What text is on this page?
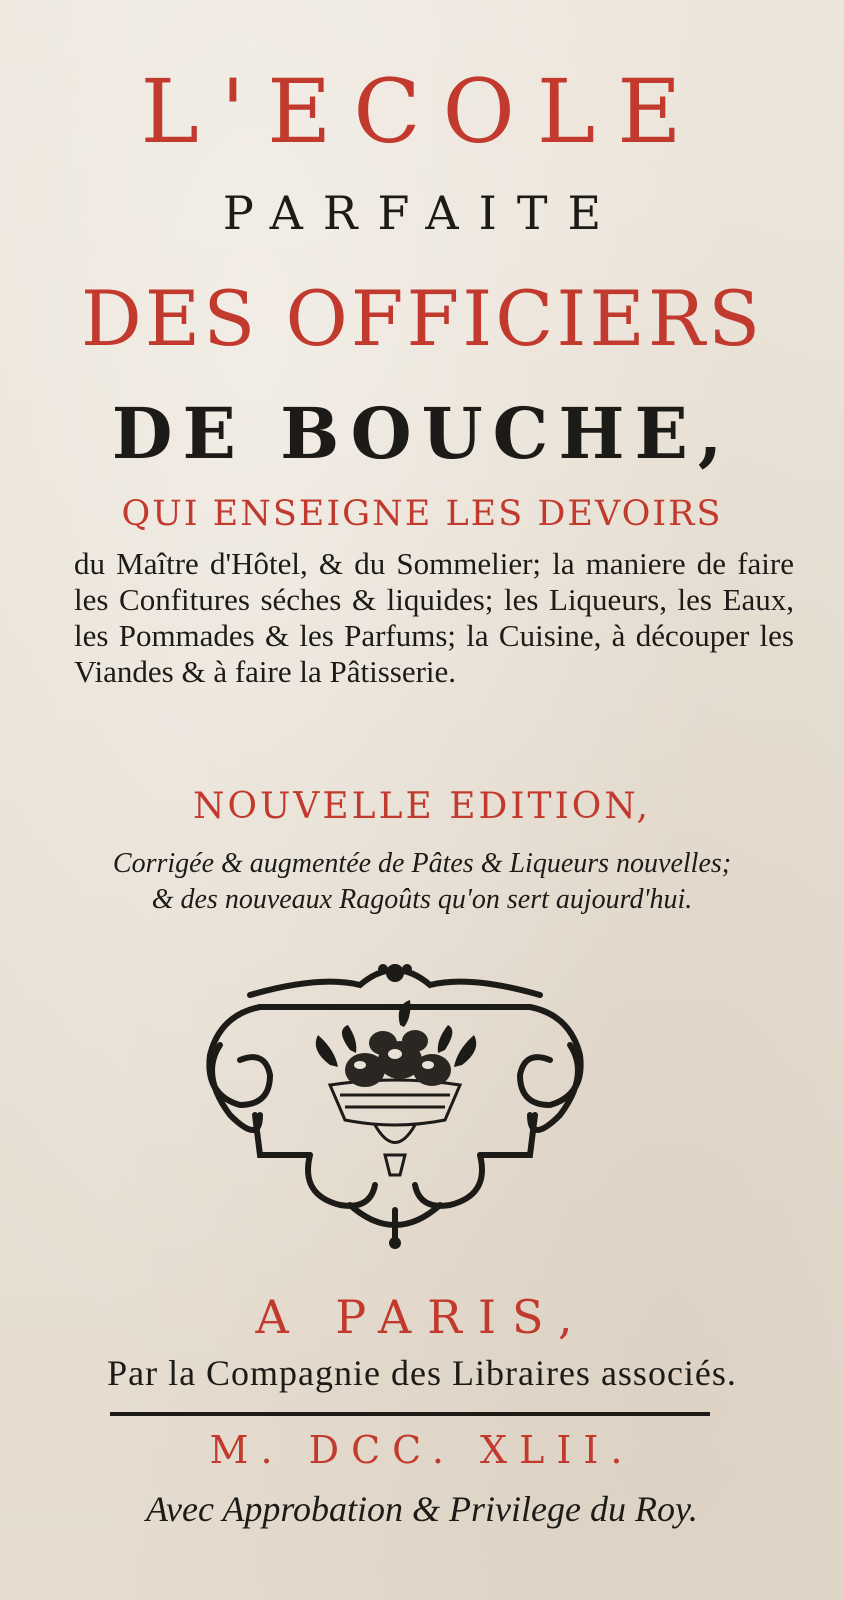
L'ECOLE
PARFAITE
DES OFFICIERS
DE BOUCHE,
QUI ENSEIGNE LES DEVOIRS
du Maître d'Hôtel, & du Sommelier; la maniere de faire les Confitures séches & liquides; les Liqueurs, les Eaux, les Pommades & les Parfums; la Cuisine, à découper les Viandes & à faire la Pâtisserie.
NOUVELLE EDITION,
Corrigée & augmentée de Pâtes & Liqueurs nouvelles;
& des nouveaux Ragoûts qu'on sert aujourd'hui.
A PARIS,
Par la Compagnie des Libraires associés.
M. DCC. XLII.
Avec Approbation & Privilege du Roy.
